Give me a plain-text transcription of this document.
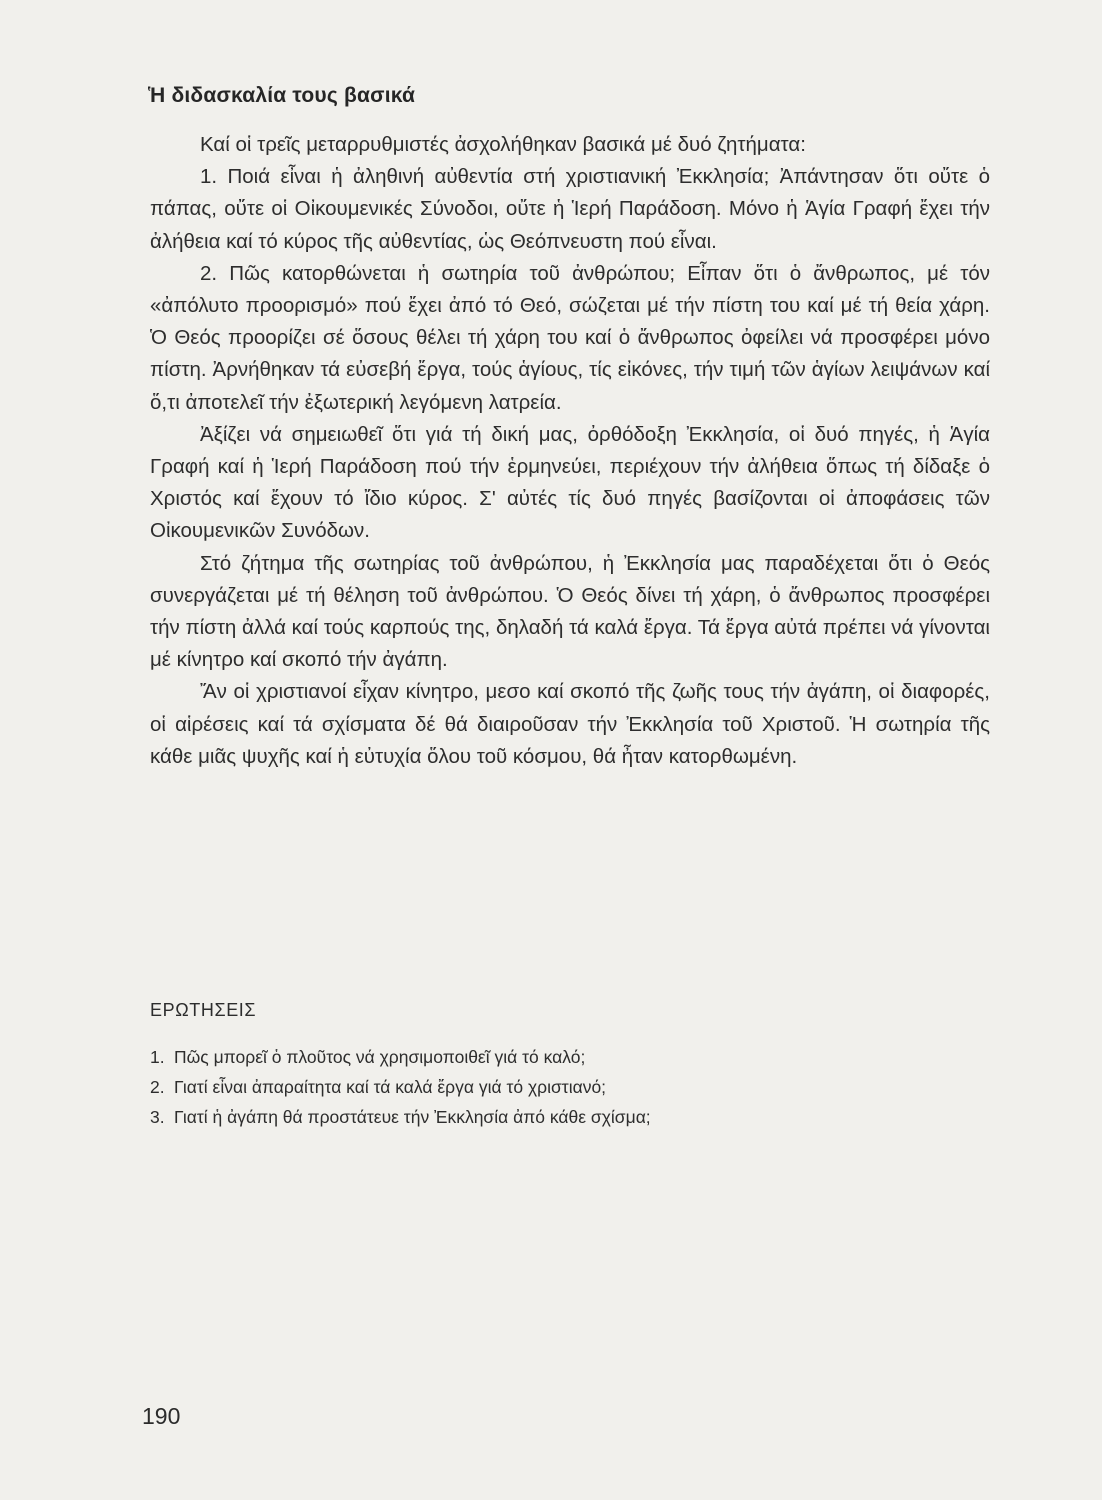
Ἡ διδασκαλία τους βασικά

Καί οἱ τρεῖς μεταρρυθμιστές ἀσχολήθηκαν βασικά μέ δυό ζητήματα:

1. Ποιά εἶναι ἡ ἀληθινή αὐθεντία στή χριστιανική Ἐκκλησία; Ἀπάντησαν ὅτι οὔτε ὁ πάπας, οὔτε οἱ Οἰκουμενικές Σύνοδοι, οὔτε ἡ Ἱερή Παράδοση. Μόνο ἡ Ἁγία Γραφή ἔχει τήν ἀλήθεια καί τό κύρος τῆς αὐθεντίας, ὡς Θεόπνευστη πού εἶναι.

2. Πῶς κατορθώνεται ἡ σωτηρία τοῦ ἀνθρώπου; Εἶπαν ὅτι ὁ ἄνθρωπος, μέ τόν «ἀπόλυτο προορισμό» πού ἔχει ἀπό τό Θεό, σώζεται μέ τήν πίστη του καί μέ τή θεία χάρη. Ὁ Θεός προορίζει σέ ὅσους θέλει τή χάρη του καί ὁ ἄνθρωπος ὀφείλει νά προσφέρει μόνο πίστη. Ἀρνήθηκαν τά εὐσεβή ἔργα, τούς ἁγίους, τίς εἰκόνες, τήν τιμή τῶν ἁγίων λειψάνων καί ὅ,τι ἀποτελεῖ τήν ἐξωτερική λεγόμενη λατρεία.

Ἀξίζει νά σημειωθεῖ ὅτι γιά τή δική μας, ὀρθόδοξη Ἐκκλησία, οἱ δυό πηγές, ἡ Ἁγία Γραφή καί ἡ Ἱερή Παράδοση πού τήν ἑρμηνεύει, περιέχουν τήν ἀλήθεια ὅπως τή δίδαξε ὁ Χριστός καί ἔχουν τό ἴδιο κύρος. Σ' αὐτές τίς δυό πηγές βασίζονται οἱ ἀποφάσεις τῶν Οἰκουμενικῶν Συνόδων.

Στό ζήτημα τῆς σωτηρίας τοῦ ἀνθρώπου, ἡ Ἐκκλησία μας παραδέχεται ὅτι ὁ Θεός συνεργάζεται μέ τή θέληση τοῦ ἀνθρώπου. Ὁ Θεός δίνει τή χάρη, ὁ ἄνθρωπος προσφέρει τήν πίστη ἀλλά καί τούς καρπούς της, δηλαδή τά καλά ἔργα. Τά ἔργα αὐτά πρέπει νά γίνονται μέ κίνητρο καί σκοπό τήν ἀγάπη.

Ἄν οἱ χριστιανοί εἶχαν κίνητρο, μεσο καί σκοπό τῆς ζωῆς τους τήν ἀγάπη, οἱ διαφορές, οἱ αἱρέσεις καί τά σχίσματα δέ θά διαιροῦσαν τήν Ἐκκλησία τοῦ Χριστοῦ. Ἡ σωτηρία τῆς κάθε μιᾶς ψυχῆς καί ἡ εὐτυχία ὅλου τοῦ κόσμου, θά ἦταν κατορθωμένη.

ΕΡΩΤΗΣΕΙΣ
1. Πῶς μπορεῖ ὁ πλοῦτος νά χρησιμοποιθεῖ γιά τό καλό;
2. Γιατί εἶναι ἀπαραίτητα καί τά καλά ἔργα γιά τό χριστιανό;
3. Γιατί ἡ ἀγάπη θά προστάτευε τήν Ἐκκλησία ἀπό κάθε σχίσμα;
190
